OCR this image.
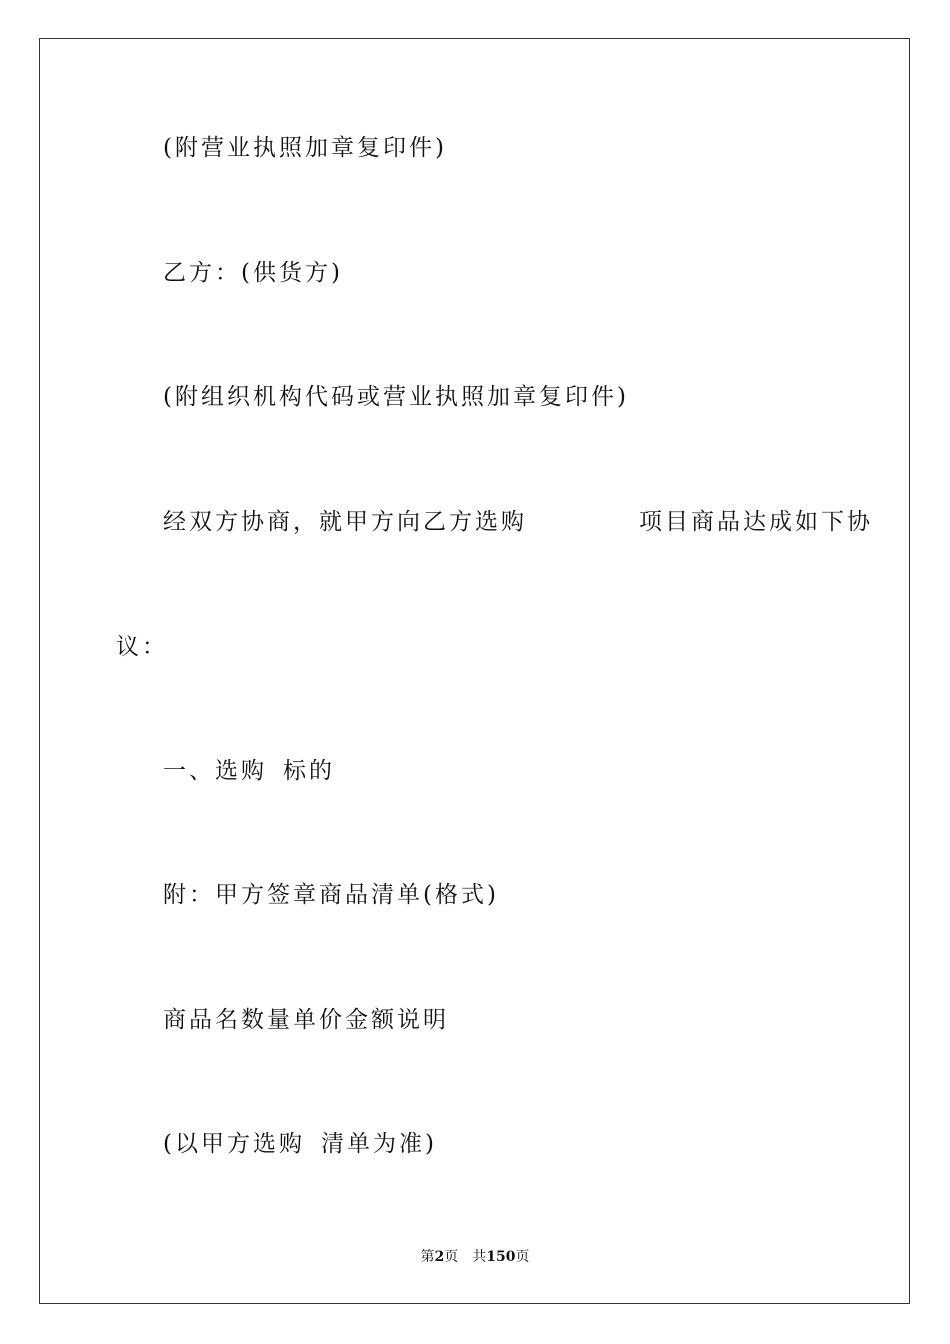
(附营业执照加章复印件)
乙方：(供货方)
(附组织机构代码或营业执照加章复印件)
经双方协商，就甲方向乙方选购	项目商品达成如下协
议：
一、选购 标的
附：甲方签章商品清单(格式)
商品名数量单价金额说明
(以甲方选购 清单为准)
第2页 共150页
